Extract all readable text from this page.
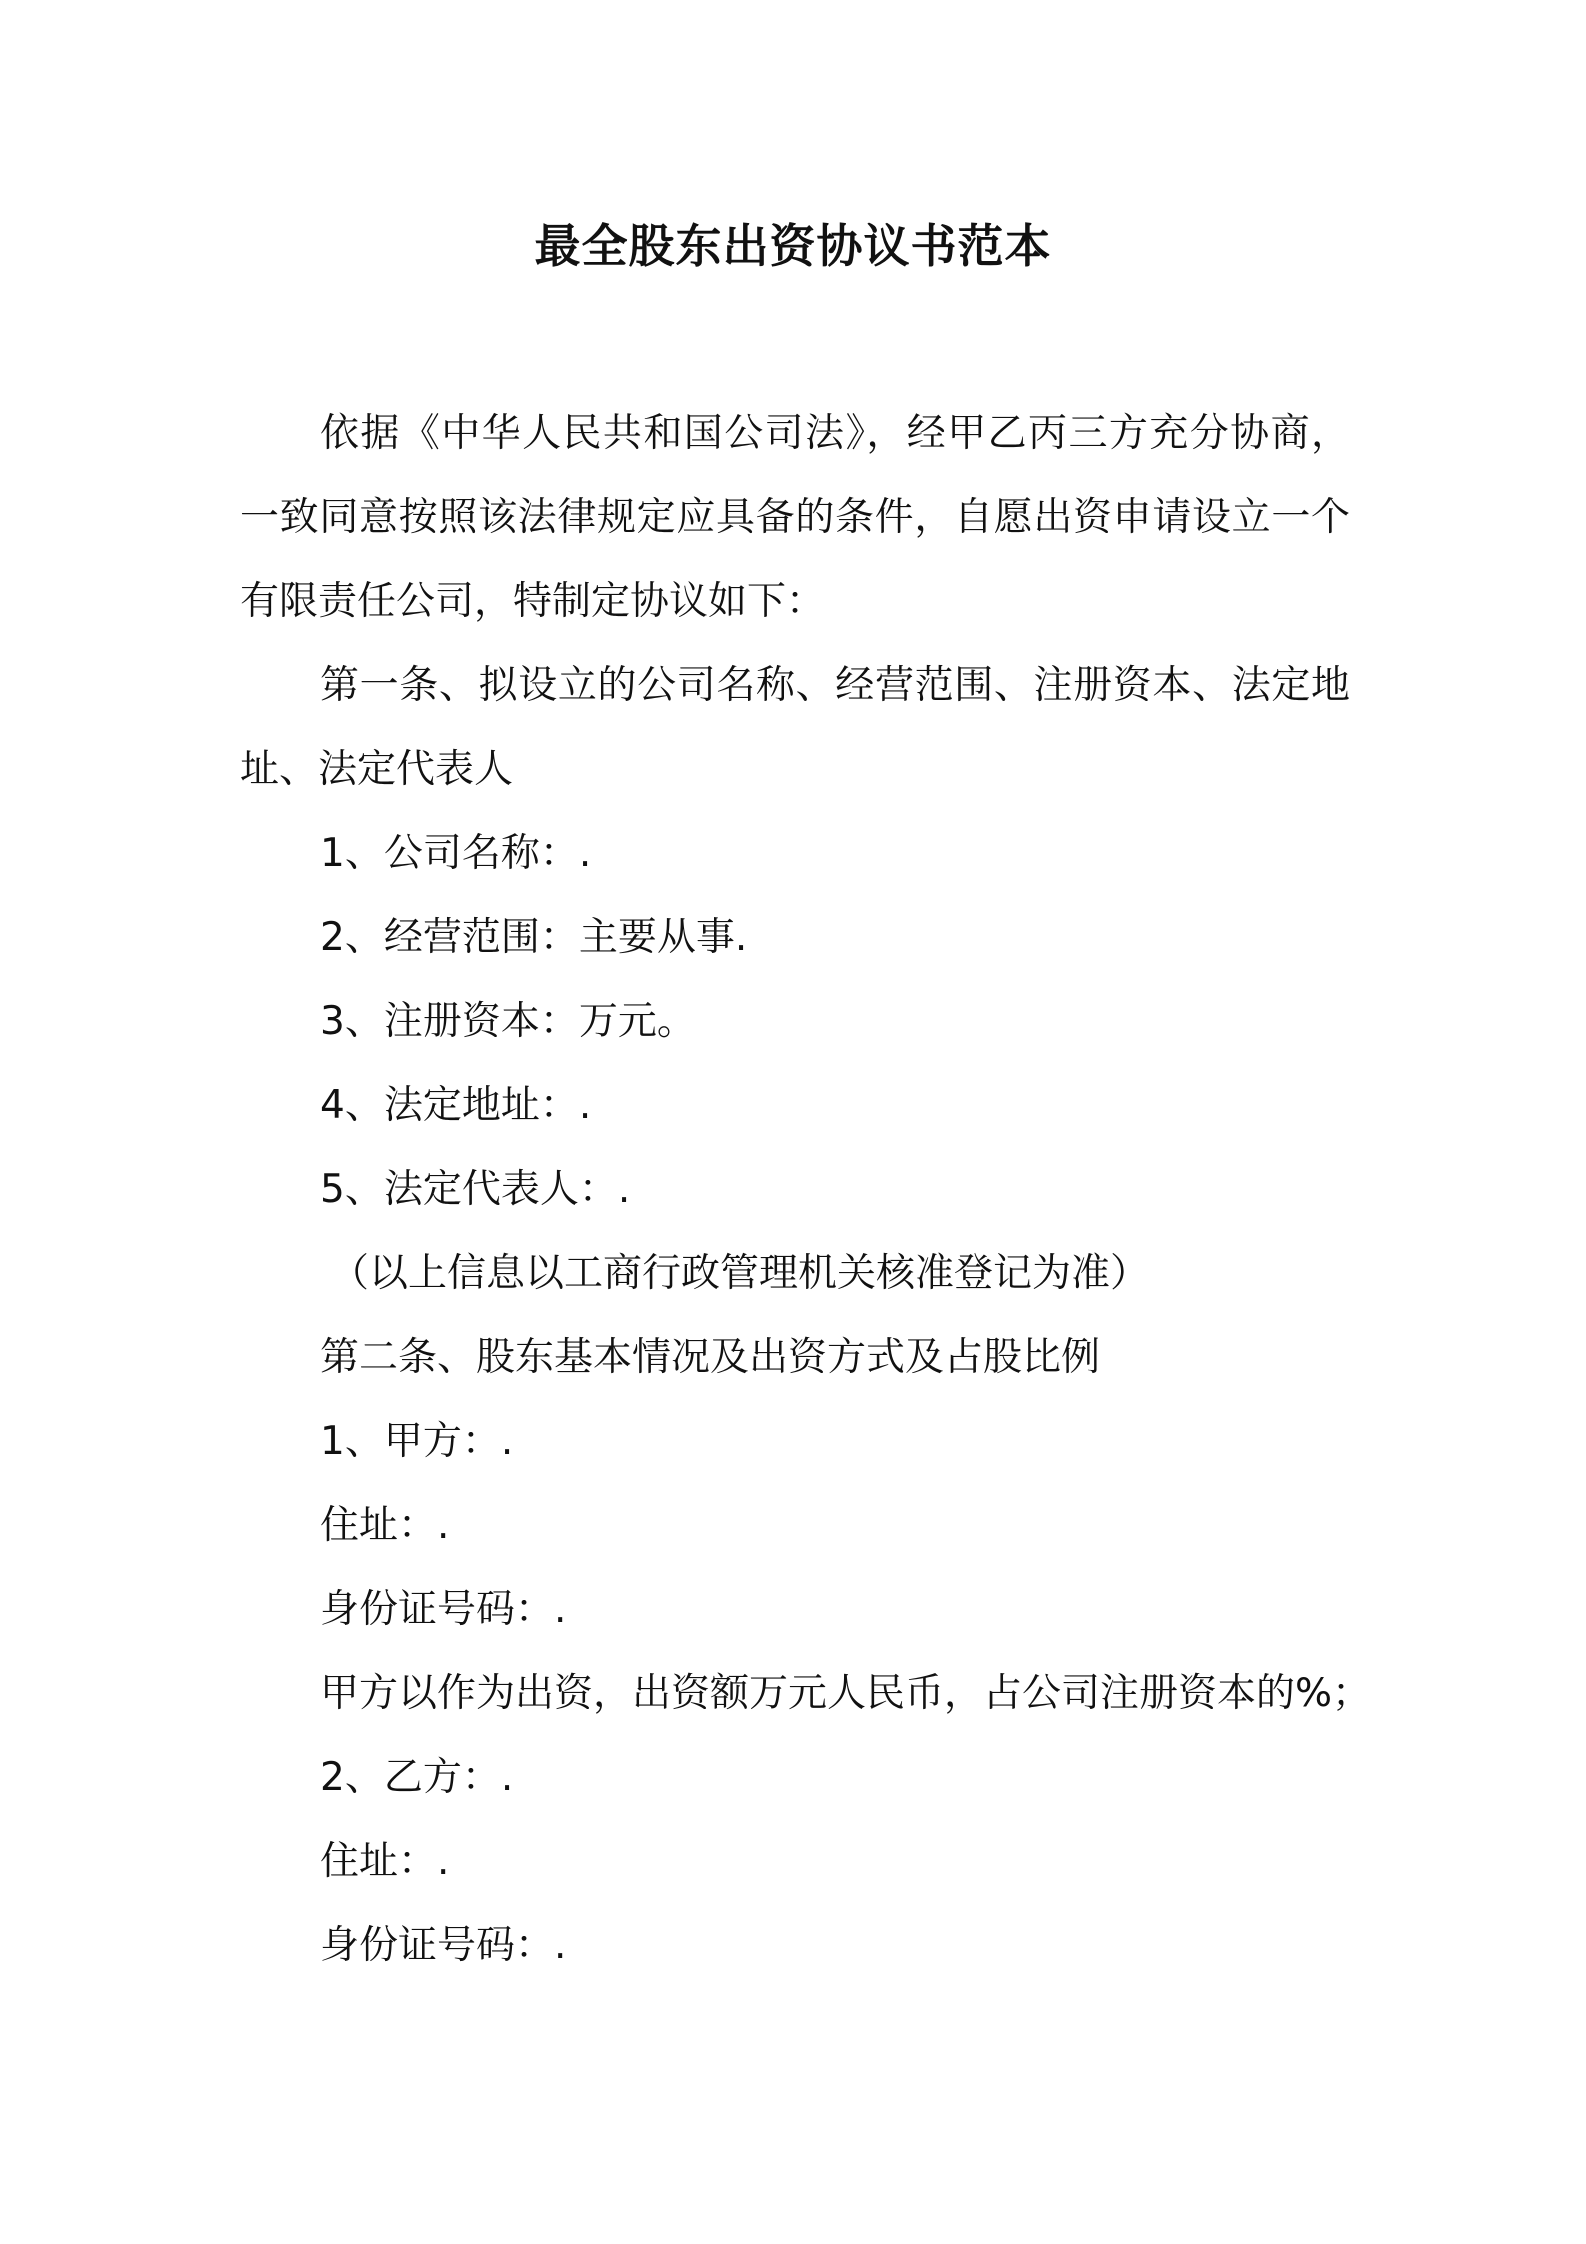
最全股东出资协议书范本

依据《中华人民共和国公司法》，经甲乙丙三方充分协商，一致同意按照该法律规定应具备的条件，自愿出资申请设立一个有限责任公司，特制定协议如下：

第一条、拟设立的公司名称、经营范围、注册资本、法定地址、法定代表人

1、公司名称：.

2、经营范围：主要从事.

3、注册资本：万元。

4、法定地址：.

5、法定代表人：.

（以上信息以工商行政管理机关核准登记为准）

第二条、股东基本情况及出资方式及占股比例

1、甲方：.

住址：.

身份证号码：.

甲方以作为出资，出资额万元人民币，占公司注册资本的%；

2、乙方：.

住址：.

身份证号码：.
